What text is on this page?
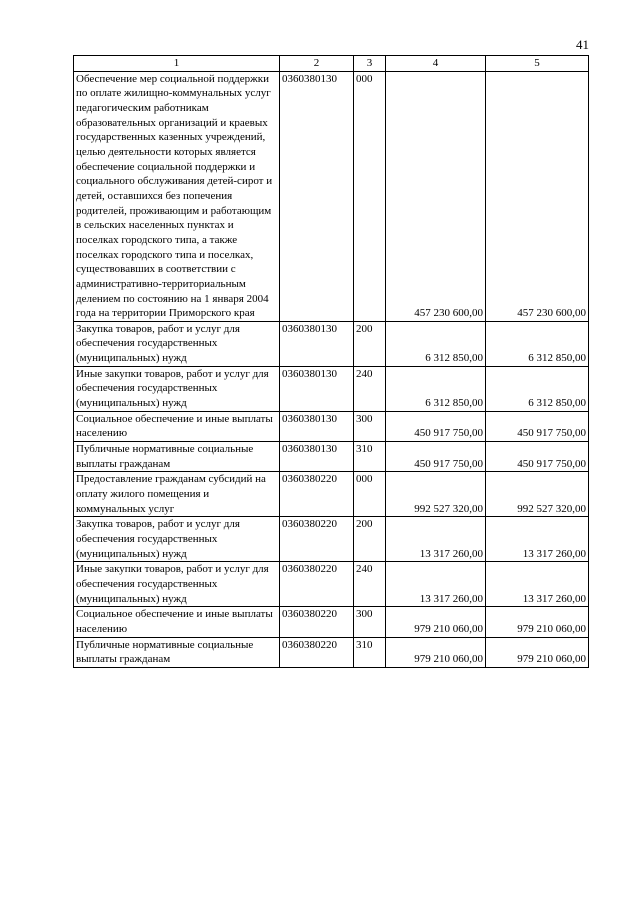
41
1	2	3	4	5
Обеспечение мер социальной поддержки по оплате жилищно-коммунальных услуг педагогическим работникам образовательных организаций и краевых государственных казенных учреждений, целью деятельности которых является обеспечение социальной поддержки и социального обслуживания детей-сирот и детей, оставшихся без попечения родителей, проживающим и работающим в сельских населенных пунктах и поселках городского типа, а также поселках городского типа и поселках, существовавших в соответствии с административно-территориальным делением по состоянию на 1 января 2004 года на территории Приморского края	0360380130	000	457 230 600,00	457 230 600,00
Закупка товаров, работ и услуг для обеспечения государственных (муниципальных) нужд	0360380130	200	6 312 850,00	6 312 850,00
Иные закупки товаров, работ и услуг для обеспечения государственных (муниципальных) нужд	0360380130	240	6 312 850,00	6 312 850,00
Социальное обеспечение и иные выплаты населению	0360380130	300	450 917 750,00	450 917 750,00
Публичные нормативные социальные выплаты гражданам	0360380130	310	450 917 750,00	450 917 750,00
Предоставление гражданам субсидий на оплату жилого помещения и коммунальных услуг	0360380220	000	992 527 320,00	992 527 320,00
Закупка товаров, работ и услуг для обеспечения государственных (муниципальных) нужд	0360380220	200	13 317 260,00	13 317 260,00
Иные закупки товаров, работ и услуг для обеспечения государственных (муниципальных) нужд	0360380220	240	13 317 260,00	13 317 260,00
Социальное обеспечение и иные выплаты населению	0360380220	300	979 210 060,00	979 210 060,00
Публичные нормативные социальные выплаты гражданам	0360380220	310	979 210 060,00	979 210 060,00
